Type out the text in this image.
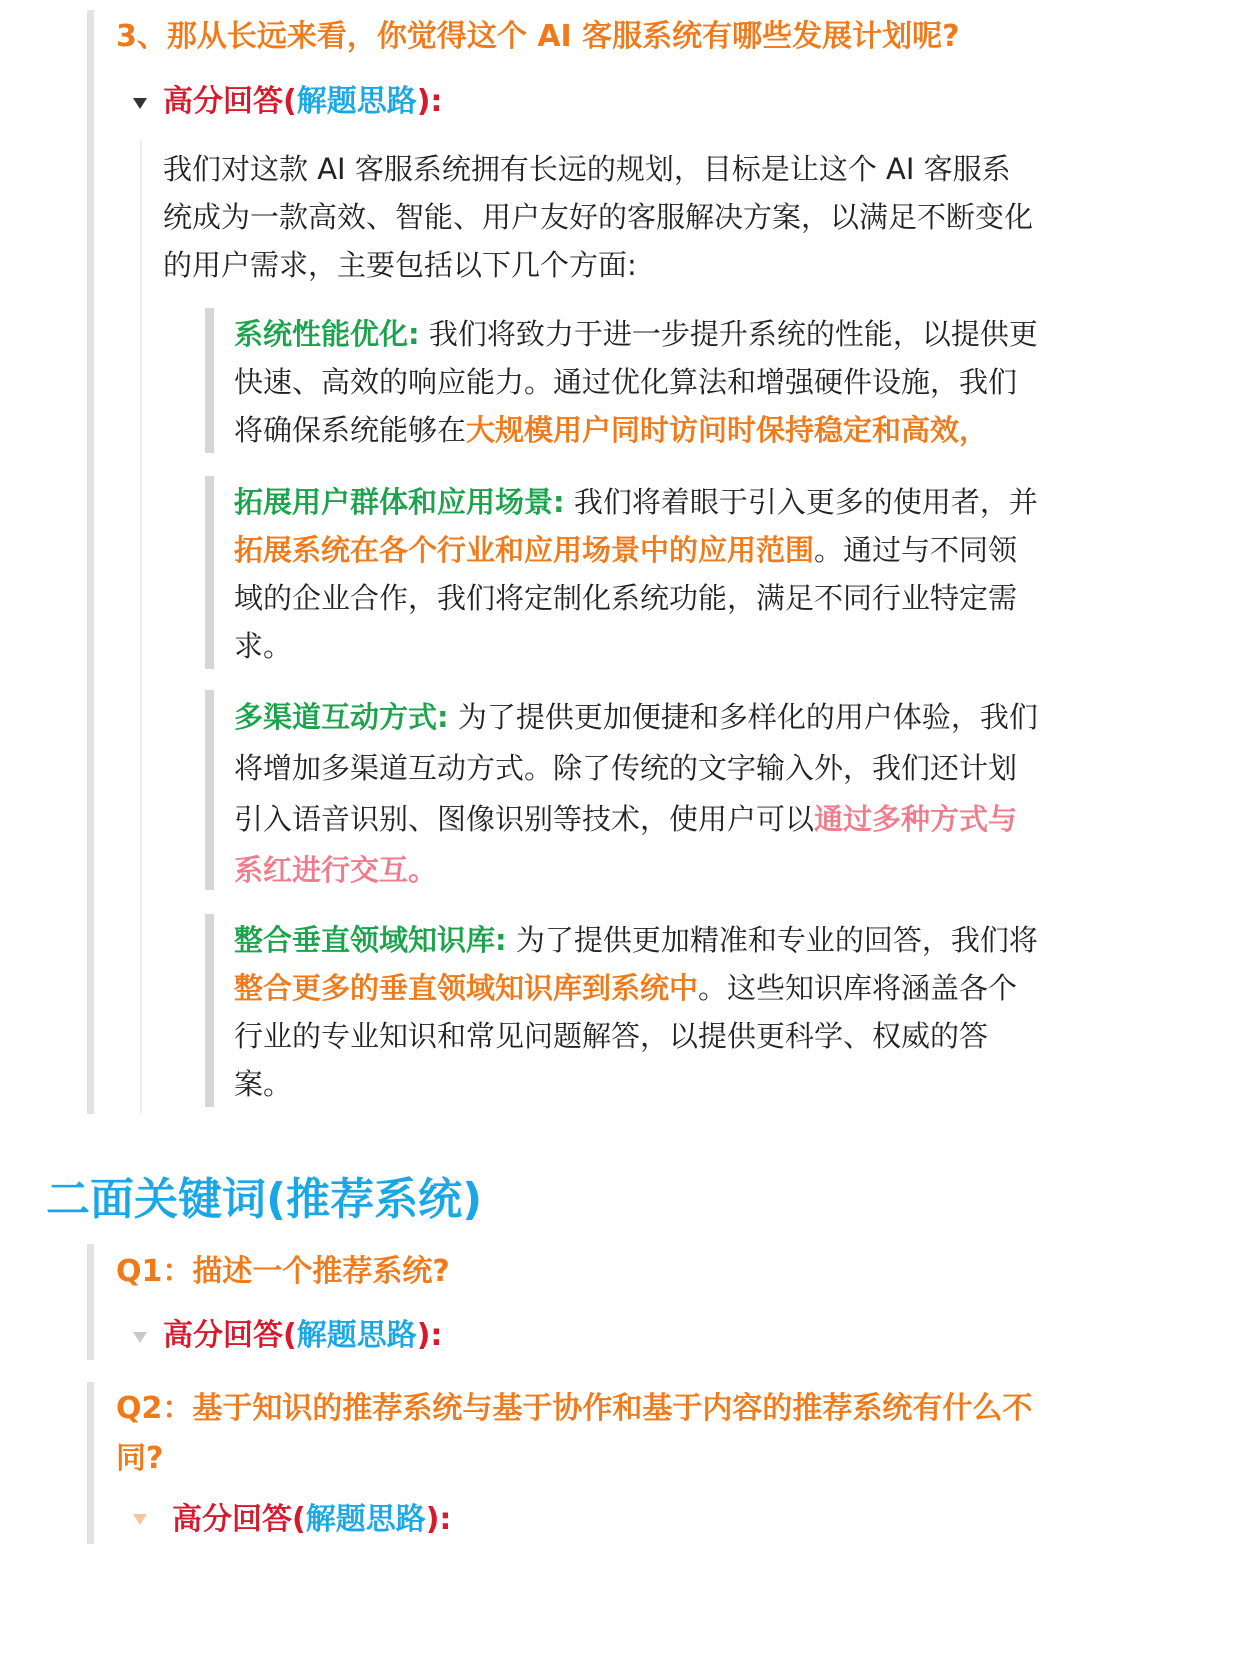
3、那从长远来看，你觉得这个 AI 客服系统有哪些发展计划呢?
高分回答(解题思路):

我们对这款 AI 客服系统拥有长远的规划，目标是让这个 AI 客服系统成为一款高效、智能、用户友好的客服解决方案，以满足不断变化的用户需求，主要包括以下几个方面:

系统性能优化: 我们将致力于进一步提升系统的性能，以提供更快速、高效的响应能力。通过优化算法和增强硬件设施，我们将确保系统能够在大规模用户同时访问时保持稳定和高效，

拓展用户群体和应用场景: 我们将着眼于引入更多的使用者，并拓展系统在各个行业和应用场景中的应用范围。通过与不同领域的企业合作，我们将定制化系统功能，满足不同行业特定需求。

多渠道互动方式: 为了提供更加便捷和多样化的用户体验，我们将增加多渠道互动方式。除了传统的文字输入外，我们还计划引入语音识别、图像识别等技术，使用户可以通过多种方式与系红进行交互。

整合垂直领域知识库: 为了提供更加精准和专业的回答，我们将整合更多的垂直领域知识库到系统中。这些知识库将涵盖各个行业的专业知识和常见问题解答，以提供更科学、权威的答案。

二面关键词(推荐系统)
Q1：描述一个推荐系统?
高分回答(解题思路):
Q2：基于知识的推荐系统与基于协作和基于内容的推荐系统有什么不同?
高分回答(解题思路):
